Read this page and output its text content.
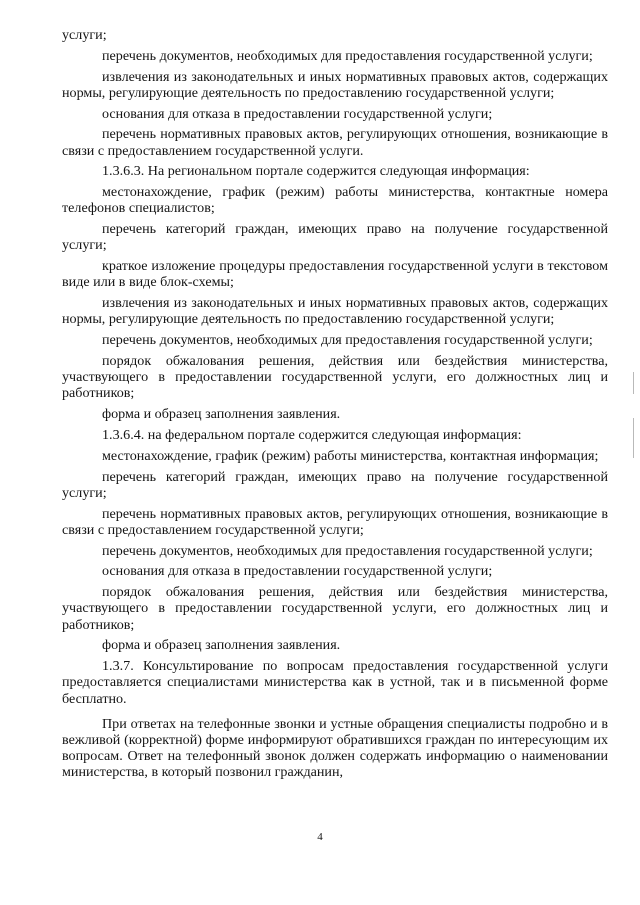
услуги;

перечень документов, необходимых для предоставления государственной услуги;

извлечения из законодательных и иных нормативных правовых актов, содержащих нормы, регулирующие деятельность по предоставлению государственной услуги;

основания для отказа в предоставлении государственной услуги;

перечень нормативных правовых актов, регулирующих отношения, возникающие в связи с предоставлением государственной услуги.

1.3.6.3. На региональном портале содержится следующая информация:

местонахождение, график (режим) работы министерства, контактные номера телефонов специалистов;

перечень категорий граждан, имеющих право на получение государственной услуги;

краткое изложение процедуры предоставления государственной услуги в текстовом виде или в виде блок-схемы;

извлечения из законодательных и иных нормативных правовых актов, содержащих нормы, регулирующие деятельность по предоставлению государственной услуги;

перечень документов, необходимых для предоставления государственной услуги;

порядок обжалования решения, действия или бездействия министерства, участвующего в предоставлении государственной услуги, его должностных лиц и работников;

форма и образец заполнения заявления.

1.3.6.4. на федеральном портале содержится следующая информация:

местонахождение, график (режим) работы министерства, контактная информация;

перечень категорий граждан, имеющих право на получение государственной услуги;

перечень нормативных правовых актов, регулирующих отношения, возникающие в связи с предоставлением государственной услуги;

перечень документов, необходимых для предоставления государственной услуги;

основания для отказа в предоставлении государственной услуги;

порядок обжалования решения, действия или бездействия министерства, участвующего в предоставлении государственной услуги, его должностных лиц и работников;

форма и образец заполнения заявления.

1.3.7. Консультирование по вопросам предоставления государственной услуги предоставляется специалистами министерства как в устной, так и в письменной форме бесплатно.

При ответах на телефонные звонки и устные обращения специалисты подробно и в вежливой (корректной) форме информируют обратившихся граждан по интересующим их вопросам. Ответ на телефонный звонок должен содержать информацию о наименовании министерства, в который позвонил гражданин,

4
